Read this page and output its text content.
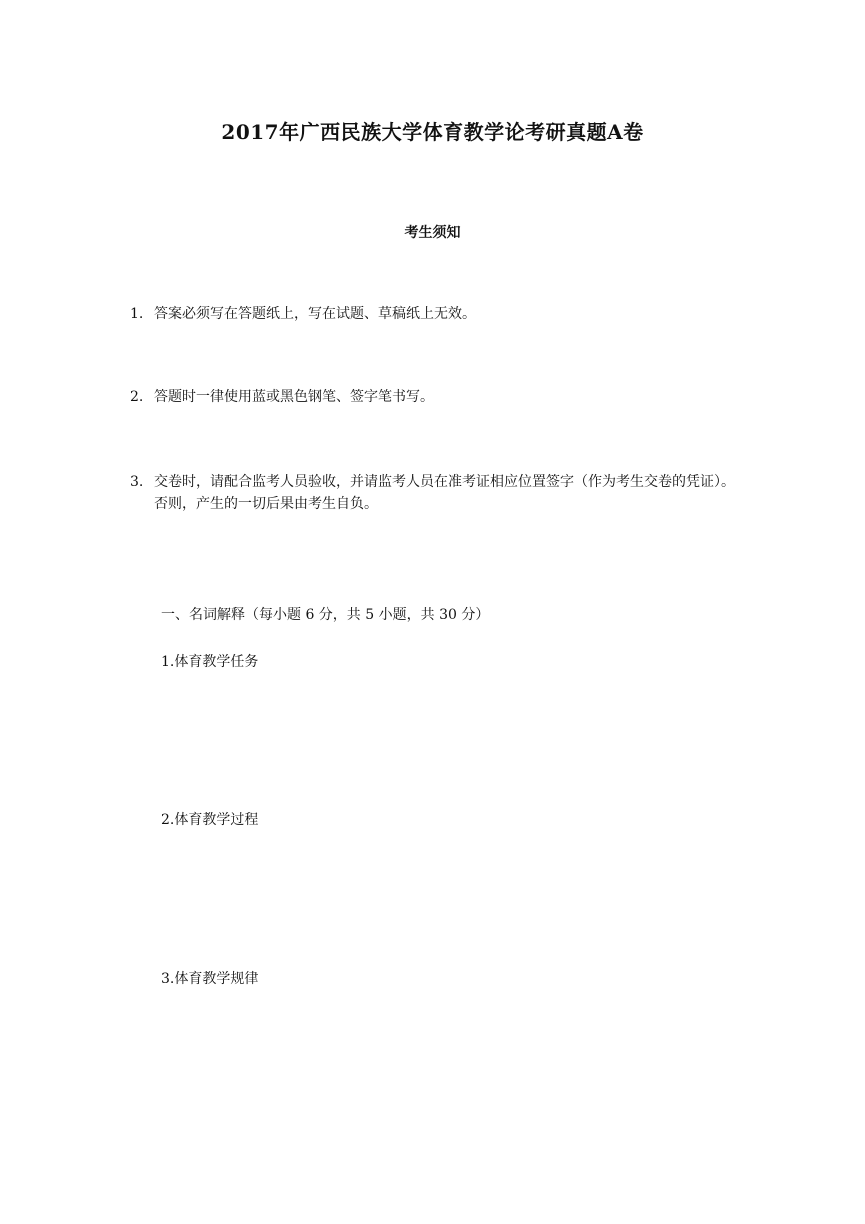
2017年广西民族大学体育教学论考研真题A卷
考生须知
1. 答案必须写在答题纸上，写在试题、草稿纸上无效。
2. 答题时一律使用蓝或黑色钢笔、签字笔书写。
3. 交卷时，请配合监考人员验收，并请监考人员在准考证相应位置签字（作为考生交卷的凭证）。否则，产生的一切后果由考生自负。
一、名词解释（每小题 6 分，共 5 小题，共 30 分）
1.体育教学任务
2.体育教学过程
3.体育教学规律
